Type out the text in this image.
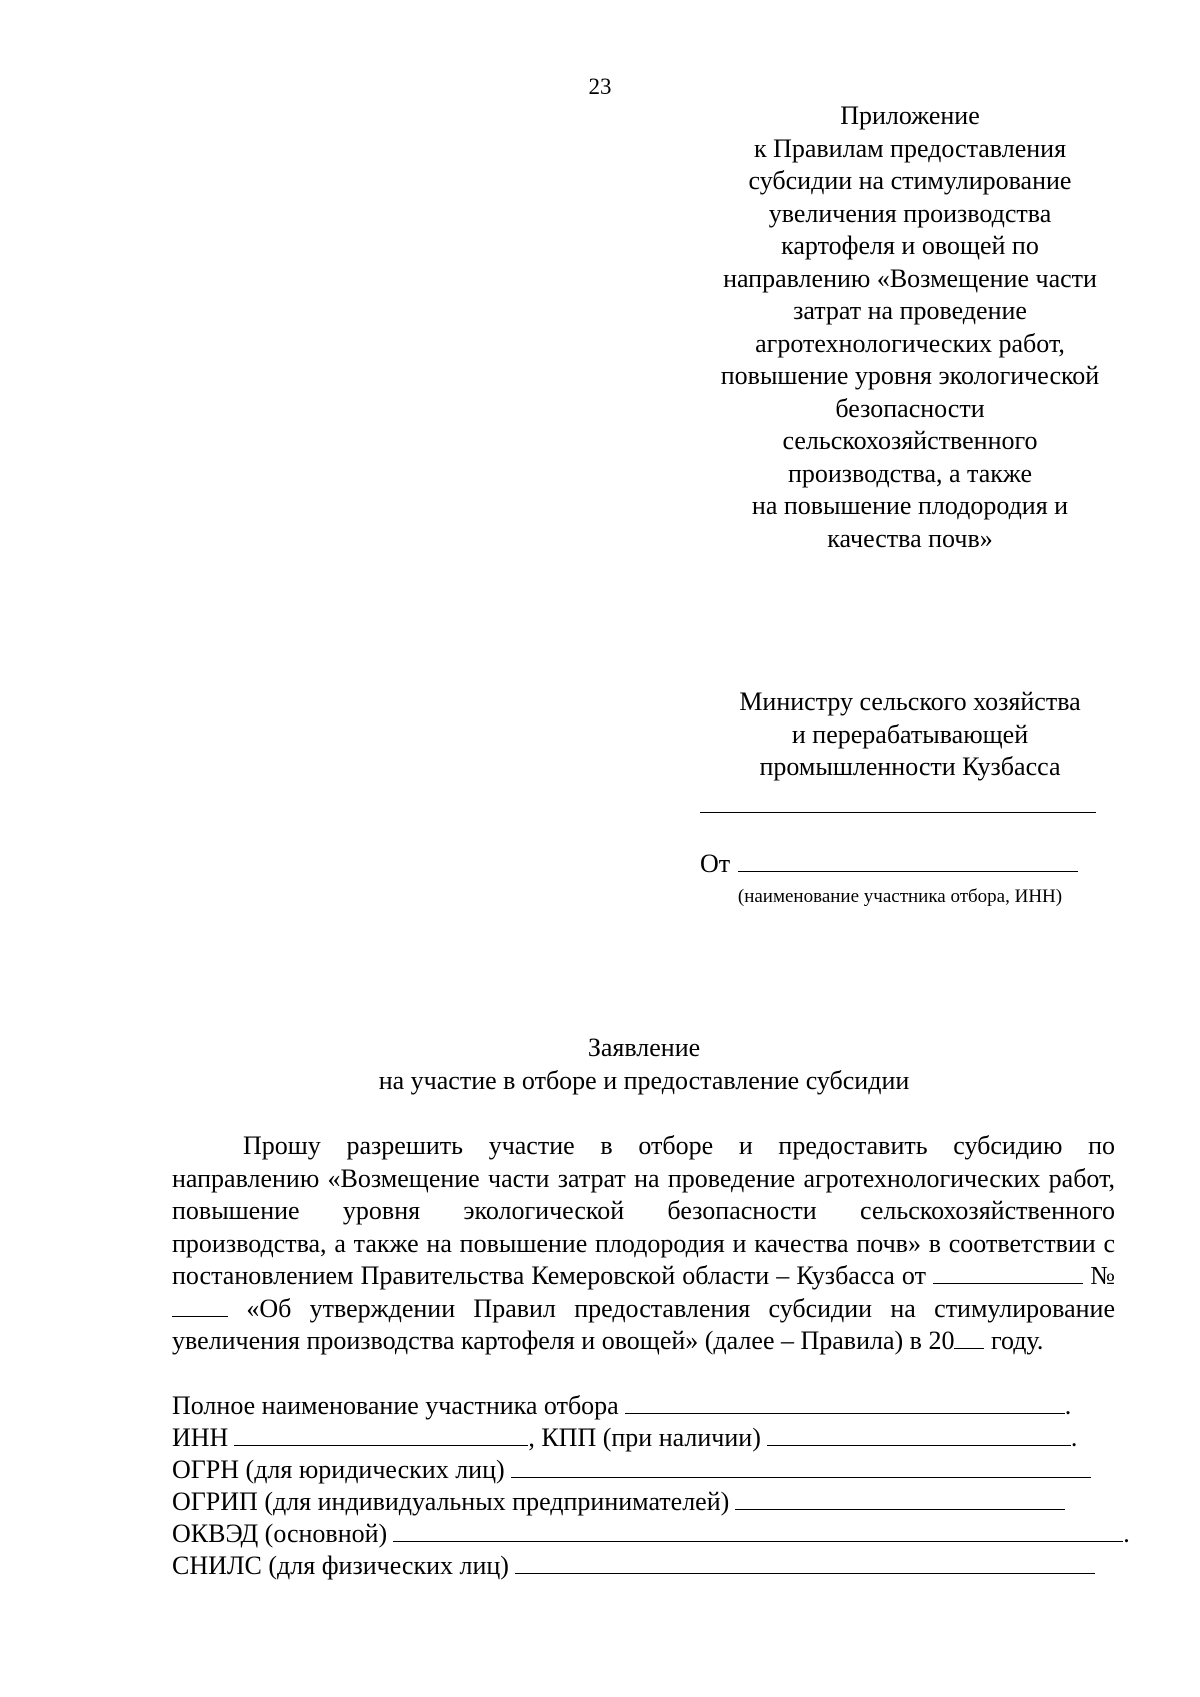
23
Приложение
к Правилам предоставления
субсидии на стимулирование
увеличения производства
картофеля и овощей по
направлению «Возмещение части
затрат на проведение
агротехнологических работ,
повышение уровня экологической
безопасности
сельскохозяйственного
производства, а также
на повышение плодородия и
качества почв»
Министру сельского хозяйства
и перерабатывающей
промышленности Кузбасса
От
(наименование участника отбора, ИНН)
Заявление
на участие в отборе и предоставление субсидии

Прошу разрешить участие в отборе и предоставить субсидию по направлению «Возмещение части затрат на проведение агротехнологических работ, повышение уровня экологической безопасности сельскохозяйственного производства, а также на повышение плодородия и качества почв» в соответствии с постановлением Правительства Кемеровской области – Кузбасса от	№  «Об утверждении Правил предоставления субсидии на стимулирование увеличения производства картофеля и овощей» (далее – Правила) в 20 году.

Полное наименование участника отбора	.
ИНН	, КПП (при наличии)	.
ОГРН (для юридических лиц)
ОГРИП (для индивидуальных предпринимателей)
ОКВЭД (основной)	.
СНИЛС (для физических лиц)
